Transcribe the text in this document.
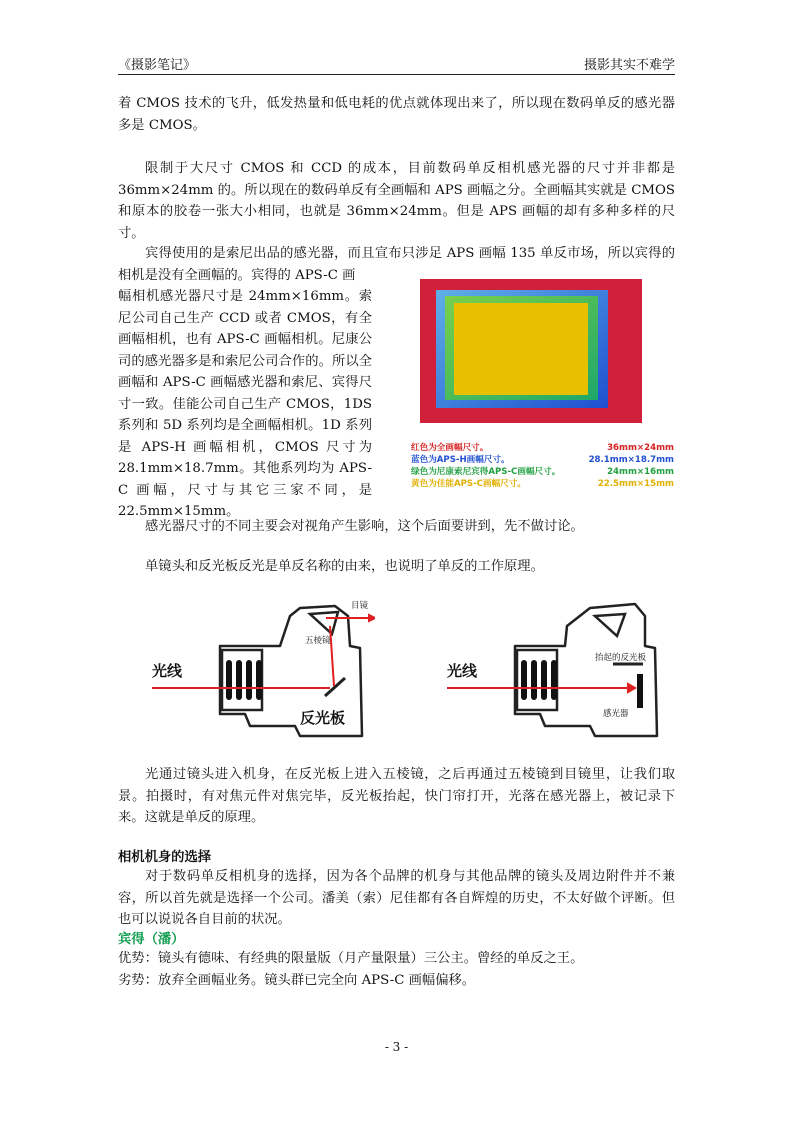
《摄影笔记》	摄影其实不难学

着 CMOS 技术的飞升，低发热量和低电耗的优点就体现出来了，所以现在数码单反的感光器多是 CMOS。

限制于大尺寸 CMOS 和 CCD 的成本，目前数码单反相机感光器的尺寸并非都是 36mm×24mm 的。所以现在的数码单反有全画幅和 APS 画幅之分。全画幅其实就是 CMOS 和原本的胶卷一张大小相同，也就是 36mm×24mm。但是 APS 画幅的却有多种多样的尺寸。

宾得使用的是索尼出品的感光器，而且宣布只涉足 APS 画幅 135 单反市场，所以宾得的相机是没有全画幅的。宾得的 APS-C 画

幅相机感光器尺寸是 24mm×16mm。索尼公司自己生产 CCD 或者 CMOS，有全画幅相机，也有 APS-C 画幅相机。尼康公司的感光器多是和索尼公司合作的。所以全画幅和 APS-C 画幅感光器和索尼、宾得尺寸一致。佳能公司自己生产 CMOS，1DS 系列和 5D 系列均是全画幅相机。1D 系列是 APS-H 画幅相机，CMOS 尺寸为 28.1mm×18.7mm。其他系列均为 APS-C 画幅，尺寸与其它三家不同，是 22.5mm×15mm。

红色为全画幅尺寸。	36mm×24mm
蓝色为APS-H画幅尺寸。	28.1mm×18.7mm
绿色为尼康索尼宾得APS-C画幅尺寸。	24mm×16mm
黄色为佳能APS-C画幅尺寸。	22.5mm×15mm

感光器尺寸的不同主要会对视角产生影响，这个后面要讲到，先不做讨论。

单镜头和反光板反光是单反名称的由来，也说明了单反的工作原理。

光线
目镜
五棱镜
反光板
光线
抬起的反光板
感光器

光通过镜头进入机身，在反光板上进入五棱镜，之后再通过五棱镜到目镜里，让我们取景。拍摄时，有对焦元件对焦完毕，反光板抬起，快门帘打开，光落在感光器上，被记录下来。这就是单反的原理。

相机机身的选择

对于数码单反相机身的选择，因为各个品牌的机身与其他品牌的镜头及周边附件并不兼容，所以首先就是选择一个公司。潘美（索）尼佳都有各自辉煌的历史，不太好做个评断。但也可以说说各自目前的状况。

宾得（潘）

优势：镜头有德味、有经典的限量版（月产量限量）三公主。曾经的单反之王。

劣势：放弃全画幅业务。镜头群已完全向 APS-C 画幅偏移。

- 3 -
